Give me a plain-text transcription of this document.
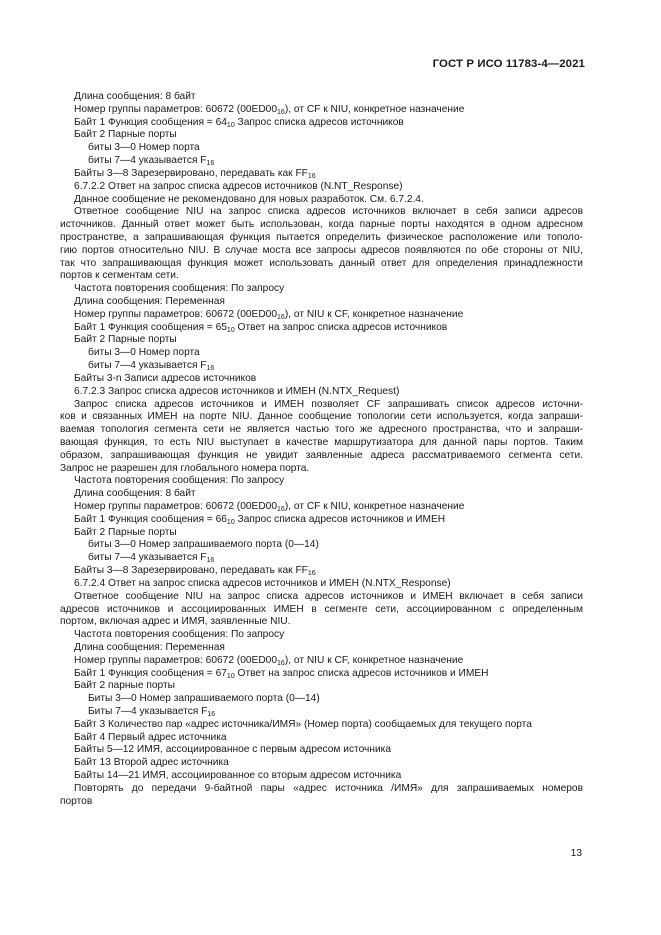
ГОСТ Р ИСО 11783-4—2021
Длина сообщения: 8 байт
Номер группы параметров: 60672 $(00ED00_{16})$, от CF к NIU, конкретное назначение
Байт 1 Функция сообщения = $64_{10}$ Запрос списка адресов источников
Байт 2 Парные порты
биты 3—0 Номер порта
биты 7—4 указывается $F_{16}$
Байты 3—8 Зарезервировано, передавать как $FF_{16}$
6.7.2.2 Ответ на запрос списка адресов источников (N.NT_Response)
Данное сообщение не рекомендовано для новых разработок. См. 6.7.2.4.
Ответное сообщение NIU на запрос списка адресов источников включает в себя записи адресов
источников. Данный ответ может быть использован, когда парные порты находятся в одном адресном
пространстве, а запрашивающая функция пытается определить физическое расположение или тополо-
гию портов относительно NIU. В случае моста все запросы адресов появляются по обе стороны от NIU,
так что запрашивающая функция может использовать данный ответ для определения принадлежности
портов к сегментам сети.
Частота повторения сообщения: По запросу
Длина сообщения: Переменная
Номер группы параметров: 60672 $(00ED00_{16})$, от NIU к CF, конкретное назначение
Байт 1 Функция сообщения = $65_{10}$ Ответ на запрос списка адресов источников
Байт 2 Парные порты
биты 3—0 Номер порта
биты 7—4 указывается $F_{16}$
Байты 3-n Записи адресов источников
6.7.2.3 Запрос списка адресов источников и ИМЕН (N.NTX_Request)
Запрос списка адресов источников и ИМЕН позволяет CF запрашивать список адресов источни-
ков и связанных ИМЕН на порте NIU. Данное сообщение топологии сети используется, когда запраши-
ваемая топология сегмента сети не является частью того же адресного пространства, что и запраши-
вающая функция, то есть NIU выступает в качестве маршрутизатора для данной пары портов. Таким
образом, запрашивающая функция не увидит заявленные адреса рассматриваемого сегмента сети.
Запрос не разрешен для глобального номера порта.
Частота повторения сообщения: По запросу
Длина сообщения: 8 байт
Номер группы параметров: 60672 $(00ED00_{16})$, от CF к NIU, конкретное назначение
Байт 1 Функция сообщения = $66_{10}$ Запрос списка адресов источников и ИМЕН
Байт 2 Парные порты
биты 3—0 Номер запрашиваемого порта (0—14)
биты 7—4 указывается $F_{16}$
Байты 3—8 Зарезервировано, передавать как $FF_{16}$
6.7.2.4 Ответ на запрос списка адресов источников и ИМЕН (N.NTX_Response)
Ответное сообщение NIU на запрос списка адресов источников и ИМЕН включает в себя записи
адресов источников и ассоциированных ИМЕН в сегменте сети, ассоциированном с определенным
портом, включая адрес и ИМЯ, заявленные NIU.
Частота повторения сообщения: По запросу
Длина сообщения: Переменная
Номер группы параметров: 60672 $(00ED00_{16})$, от NIU к CF, конкретное назначение
Байт 1 Функция сообщения = $67_{10}$ Ответ на запрос списка адресов источников и ИМЕН
Байт 2 парные порты
Биты 3—0 Номер запрашиваемого порта (0—14)
Биты 7—4 указывается $F_{16}$
Байт 3 Количество пар «адрес источника/ИМЯ» (Номер порта) сообщаемых для текущего порта
Байт 4 Первый адрес источника
Байты 5—12 ИМЯ, ассоциированное с первым адресом источника
Байт 13 Второй адрес источника
Байты 14—21 ИМЯ, ассоциированное со вторым адресом источника
Повторять до передачи 9-байтной пары «адрес источника /ИМЯ» для запрашиваемых номеров
портов
13
